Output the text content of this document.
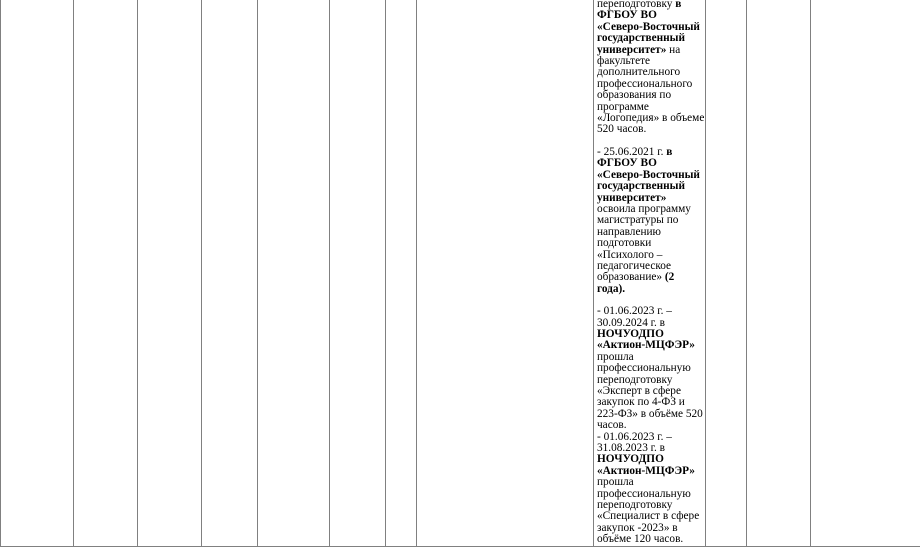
переподготовку в ФГБОУ ВО «Северо-Восточный государственный университет» на факультете дополнительного профессионального образования по программе «Логопедия» в объеме 520 часов.

- 25.06.2021 г. в ФГБОУ ВО «Северо-Восточный государственный университет» освоила программу магистратуры по направлению подготовки «Психолого – педагогическое образование» (2 года).

- 01.06.2023 г. – 30.09.2024 г. в НОЧУОДПО «Актион-МЦФЭР» прошла профессиональную переподготовку «Эксперт в сфере закупок по 4-ФЗ и 223-ФЗ» в объёме 520 часов.

- 01.06.2023 г. – 31.08.2023 г. в НОЧУОДПО «Актион-МЦФЭР» прошла профессиональную переподготовку «Специалист в сфере закупок -2023» в объёме 120 часов.
